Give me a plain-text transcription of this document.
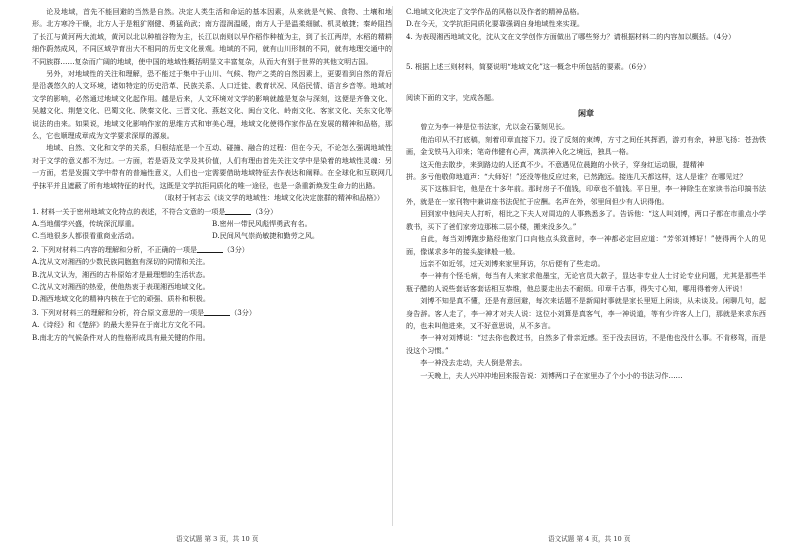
论及地域，首先不能回避的当然是自然。决定人类生活和命运的基本因素，从来就是气候、食物、土壤和地形。北方寒冷干燥，北方人于是粗犷刚健、勇猛尚武；南方湿润温暖，南方人于是温柔细腻、机灵敏捷；秦岭阻挡了长江与黄河两大流域，黄河以北以种植谷物为主，长江以南则以早作稻作种植为主，到了长江两岸，水稻的精耕细作蔚然成风，不同区域孕育出大不相同的历史文化景观。地域的不同，就有山川形制的不同，就有地理交通中的不同族群……复杂而广阔的地域，使中国的地域性概括明显文丰富复杂，从而大有别于世界的其他文明古国。

另外，对地域性的关注和理解，恐不能过于集中于山川、气候、物产之类的自然因素上，更要看到自然的背后是沿袭悠久的人文环境，诸如特定的历史沿革、民族关系、人口迁徙、教育状况、风俗民情、语言乡音等。地域对文学的影响，必然通过地域文化起作用。越是后来，人文环境对文学的影响就越是复杂与深刻，这便是齐鲁文化、吴越文化、荆楚文化、巴蜀文化、陕秦文化、三晋文化、燕赵文化、闽台文化、岭南文化、客家文化、关东文化等说法的由来。如果说，地域文化影响作家的思维方式和审美心理，地域文化使得作家作品在发展的精神和品格，那么，它也顺理成章成为文学要求深厚的源泉。

地域、自然、文化和文学的关系，归根结底是一个互动、碰撞、融合的过程：但在今天，不论怎么强调地域性对于文学的意义都不为过。一方面，若是语及文学及其价值，人们有理由首先关注文学中是染着的地域性灵魂：另一方面，若是发掘文学中带有的普遍性意义，人们也一定需要借助地域特征去作表达和阐释。在全球化和互联网几乎抹平并且遮蔽了所有地域特征的时代，这既是文学抗拒同质化的唯一途径，也是一条重新焕发生命力的出路。

（取材于何志云《谈文学的地域性：地域文化决定旅群的精神和品格》）

1. 材料一关于密州地域文化特点的表述，不符合文意的一项是	（3分）

A.当地儒学兴盛，传统深沉厚重。	B.密州一带民风彪悍勇武有名。
C.当地很多人都很看重商业活动。	D.民间风气崇尚敏捷和勤劳之风。

2. 下列对材料二内容的理解和分析，不正确的一项是	（3分）

A.沈从文对湘西的少数民族同胞抱有深切的同情和关注。

B.沈从文认为，湘西的古朴原始才是最理想的生活状态。

C.沈从文对湘西的热爱，使他热衷于表现湘西地域文化。

D.湘西地域文化的精神内核在于它的顽强、质朴和积极。

3. 下列对材料三的理解和分析，符合原文意思的一项是	（3分）

A.《诗经》和《楚辞》的最大差异在于南北方文化不同。

B.南北方的气候条件对人的性格形成具有最关键的作用。

C.地域文化决定了文学作品的风格以及作者的精神品格。

D.在今天，文学抗拒同质化要靠强调自身地域性来实现。

4. 为表现湘西地域文化，沈从文在文学创作方面做出了哪些努力？请根据材料二的内容加以概括。（4分）

5. 根据上述三则材料，简要说明“地域文化”这一概念中所包括的要素。（6分）

阅读下面的文字，完成各题。

闲章

曾立为李一神是位书法家，尤以金石篆刻见长。

他治印从不打底稿，刻着印章直接下刀。没了反刻的束缚，方寸之间任其挥洒，游刃有余，神思飞扬：苍劲铁画，金戈铁马入印来；笔奇伟健有心声，寓洪神入化之境远，独具一格。

这天他去散步，来到路边的人还真不少。不意遇见位晨跑的小伙子，穿身红运动服，提精神

拼。多亏他敬仰地道声：“大师好！”还没等他反应过来，已然跑远。接连几天都这样，这人是谁？在哪见过？

买下这栋旧宅，他是在十多年前。那时房子不值钱，印章也不值钱。平日里，李一神除生在家读书治印搞书法外，就是在一家刊物中兼讲座书法促忙于应酬。名声在外，邻里间但少有人识得他。

回到家中他问夫人打听，相比之下夫人对周边的人事熟悉多了。告诉他：“这人叫刘博，两口子都在市重点小学教书，买下了爸们家旁边那栋二层小楼，搬来没多久。”

自此，每当刘博跑步路经他家门口向他点头致意时，李一神都必定回应道：“芳邻刘博好！”使得两个人的见面，像谋求多年的接头旋律般一般。

远亲不如近邻，过天刘博来家里拜访，尔后便有了些走动。

李一神有个怪毛病，每当有人来家求他墨宝，无论官员大款子，显达非专业人士讨论专业问题，尤其是那些半瓶子醋的人说些套话客套话相互恭维，他总要走出去不耐烦。印章千古事，得失寸心知，哪用得着旁人评说！

刘博不知是真不懂，还是有意回避，每次来话题不是新闻时事就是家长里短上闲谈，从未谈及。闲聊几句，起身告辞。客人走了，李一神才对夫人说：这位小刘算是真客气，李一神说道，等有少许客人上门，那就是来求东西的，也未叫他进来，又不好意思说，从不多言。

李一神对刘博说：“过去你也教过书，自然多了骨亲近感。至于没去回访，不是他也没什么事。不肯移驾，而是没这个习惯。”

李一神没去走动，夫人倒是常去。

一天晚上，夫人兴冲冲地回来报告说：刘博两口子在家里办了个小小的书法习作……

语文试题 第 3 页，共 10 页	语文试题 第 4 页，共 10 页
